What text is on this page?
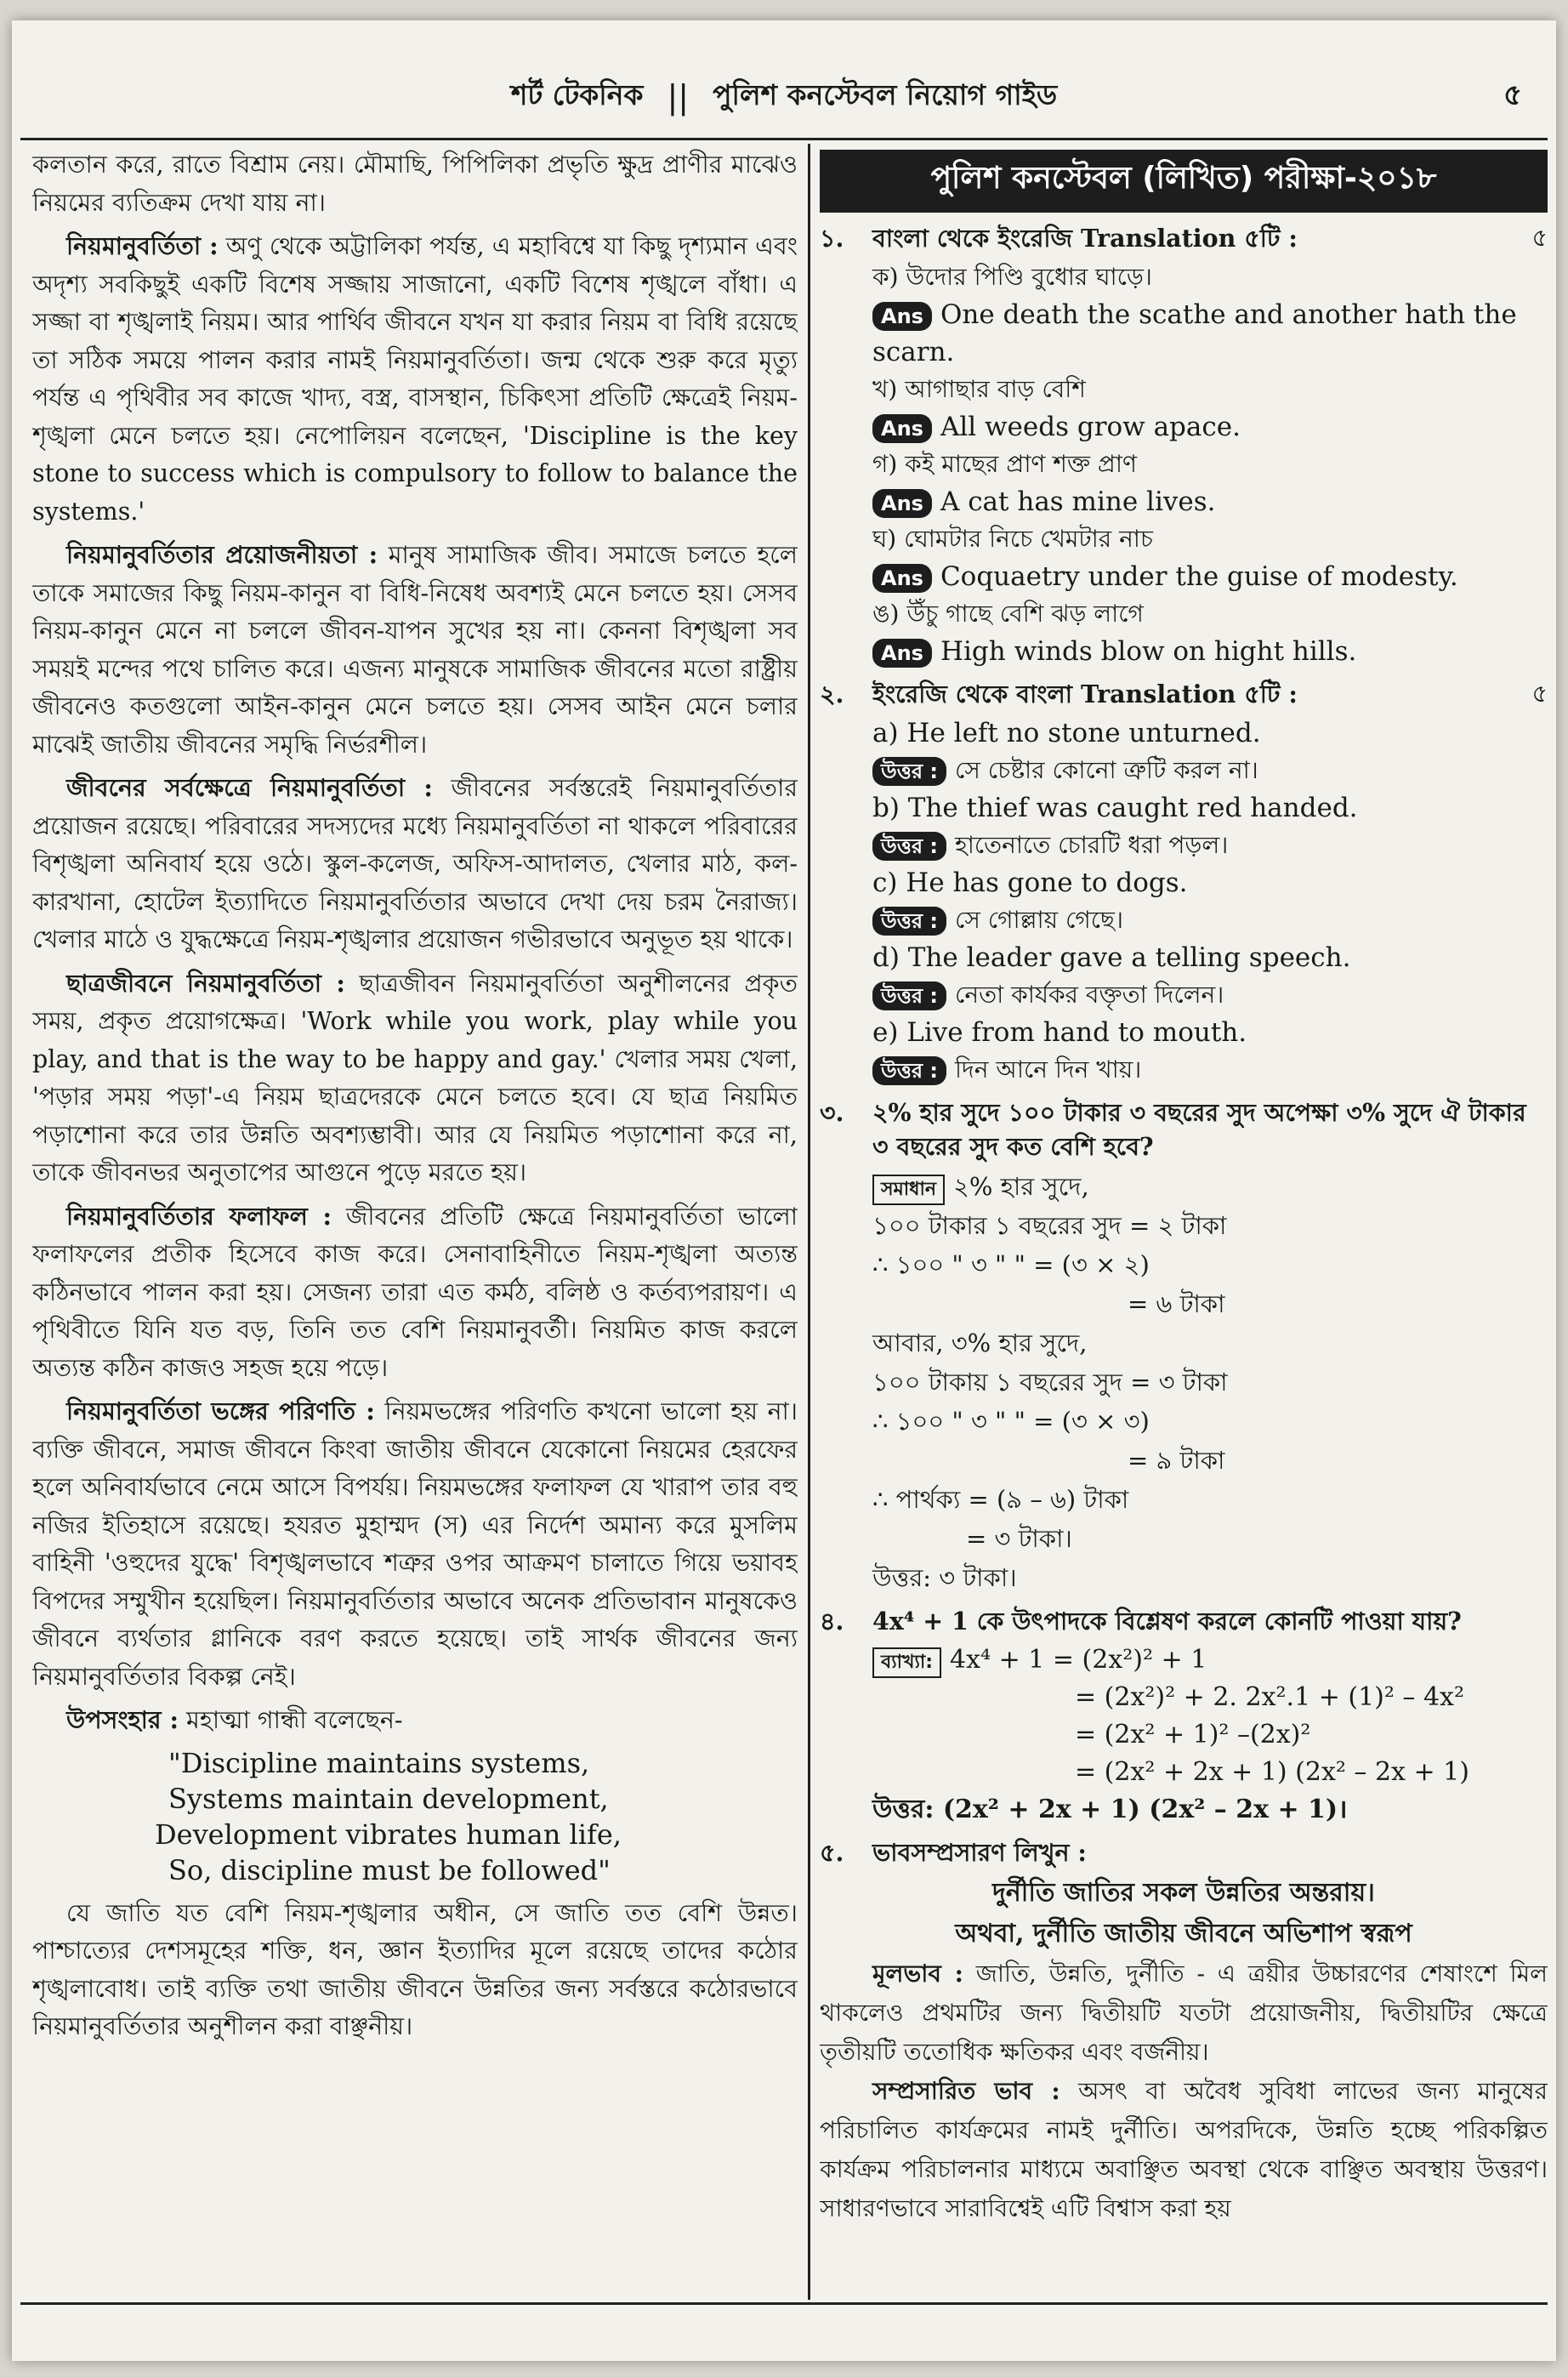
শর্ট টেকনিক || পুলিশ কনস্টেবল নিয়োগ গাইড	৫

কলতান করে, রাতে বিশ্রাম নেয়। মৌমাছি, পিপিলিকা প্রভৃতি ক্ষুদ্র প্রাণীর মাঝেও নিয়মের ব্যতিক্রম দেখা যায় না।

নিয়মানুবর্তিতা : অণু থেকে অট্টালিকা পর্যন্ত, এ মহাবিশ্বে যা কিছু দৃশ্যমান এবং অদৃশ্য সবকিছুই একটি বিশেষ সজ্জায় সাজানো, একটি বিশেষ শৃঙ্খলে বাঁধা। এ সজ্জা বা শৃঙ্খলাই নিয়ম। আর পার্থিব জীবনে যখন যা করার নিয়ম বা বিধি রয়েছে তা সঠিক সময়ে পালন করার নামই নিয়মানুবর্তিতা। জন্ম থেকে শুরু করে মৃত্যু পর্যন্ত এ পৃথিবীর সব কাজে খাদ্য, বস্ত্র, বাসস্থান, চিকিৎসা প্রতিটি ক্ষেত্রেই নিয়ম-শৃঙ্খলা মেনে চলতে হয়। নেপোলিয়ন বলেছেন, 'Discipline is the key stone to success which is compulsory to follow to balance the systems.'

নিয়মানুবর্তিতার প্রয়োজনীয়তা : মানুষ সামাজিক জীব। সমাজে চলতে হলে তাকে সমাজের কিছু নিয়ম-কানুন বা বিধি-নিষেধ অবশ্যই মেনে চলতে হয়। সেসব নিয়ম-কানুন মেনে না চললে জীবন-যাপন সুখের হয় না। কেননা বিশৃঙ্খলা সব সময়ই মন্দের পথে চালিত করে। এজন্য মানুষকে সামাজিক জীবনের মতো রাষ্ট্রীয় জীবনেও কতগুলো আইন-কানুন মেনে চলতে হয়। সেসব আইন মেনে চলার মাঝেই জাতীয় জীবনের সমৃদ্ধি নির্ভরশীল।

জীবনের সর্বক্ষেত্রে নিয়মানুবর্তিতা : জীবনের সর্বস্তরেই নিয়মানুবর্তিতার প্রয়োজন রয়েছে। পরিবারের সদস্যদের মধ্যে নিয়মানুবর্তিতা না থাকলে পরিবারের বিশৃঙ্খলা অনিবার্য হয়ে ওঠে। স্কুল-কলেজ, অফিস-আদালত, খেলার মাঠ, কল-কারখানা, হোটেল ইত্যাদিতে নিয়মানুবর্তিতার অভাবে দেখা দেয় চরম নৈরাজ্য। খেলার মাঠে ও যুদ্ধক্ষেত্রে নিয়ম-শৃঙ্খলার প্রয়োজন গভীরভাবে অনুভূত হয় থাকে।

ছাত্রজীবনে নিয়মানুবর্তিতা : ছাত্রজীবন নিয়মানুবর্তিতা অনুশীলনের প্রকৃত সময়, প্রকৃত প্রয়োগক্ষেত্র। 'Work while you work, play while you play, and that is the way to be happy and gay.' খেলার সময় খেলা, 'পড়ার সময় পড়া'-এ নিয়ম ছাত্রদেরকে মেনে চলতে হবে। যে ছাত্র নিয়মিত পড়াশোনা করে তার উন্নতি অবশ্যম্ভাবী। আর যে নিয়মিত পড়াশোনা করে না, তাকে জীবনভর অনুতাপের আগুনে পুড়ে মরতে হয়।

নিয়মানুবর্তিতার ফলাফল : জীবনের প্রতিটি ক্ষেত্রে নিয়মানুবর্তিতা ভালো ফলাফলের প্রতীক হিসেবে কাজ করে। সেনাবাহিনীতে নিয়ম-শৃঙ্খলা অত্যন্ত কঠিনভাবে পালন করা হয়। সেজন্য তারা এত কর্মঠ, বলিষ্ঠ ও কর্তব্যপরায়ণ। এ পৃথিবীতে যিনি যত বড়, তিনি তত বেশি নিয়মানুবর্তী। নিয়মিত কাজ করলে অত্যন্ত কঠিন কাজও সহজ হয়ে পড়ে।

নিয়মানুবর্তিতা ভঙ্গের পরিণতি : নিয়মভঙ্গের পরিণতি কখনো ভালো হয় না। ব্যক্তি জীবনে, সমাজ জীবনে কিংবা জাতীয় জীবনে যেকোনো নিয়মের হেরফের হলে অনিবার্যভাবে নেমে আসে বিপর্যয়। নিয়মভঙ্গের ফলাফল যে খারাপ তার বহু নজির ইতিহাসে রয়েছে। হযরত মুহাম্মদ (স) এর নির্দেশ অমান্য করে মুসলিম বাহিনী 'ওহুদের যুদ্ধে' বিশৃঙ্খলভাবে শত্রুর ওপর আক্রমণ চালাতে গিয়ে ভয়াবহ বিপদের সম্মুখীন হয়েছিল। নিয়মানুবর্তিতার অভাবে অনেক প্রতিভাবান মানুষকেও জীবনে ব্যর্থতার গ্লানিকে বরণ করতে হয়েছে। তাই সার্থক জীবনের জন্য নিয়মানুবর্তিতার বিকল্প নেই।

উপসংহার : মহাত্মা গান্ধী বলেছেন-

"Discipline maintains systems,
Systems maintain development,
Development vibrates human life,
So, discipline must be followed"

যে জাতি যত বেশি নিয়ম-শৃঙ্খলার অধীন, সে জাতি তত বেশি উন্নত। পাশ্চাত্যের দেশসমূহের শক্তি, ধন, জ্ঞান ইত্যাদির মূলে রয়েছে তাদের কঠোর শৃঙ্খলাবোধ। তাই ব্যক্তি তথা জাতীয় জীবনে উন্নতির জন্য সর্বস্তরে কঠোরভাবে নিয়মানুবর্তিতার অনুশীলন করা বাঞ্ছনীয়।

পুলিশ কনস্টেবল (লিখিত) পরীক্ষা-২০১৮
১.	বাংলা থেকে ইংরেজি Translation ৫টি :	৫
ক) উদোর পিণ্ডি বুধোর ঘাড়ে।
Ans One death the scathe and another hath the scarn.
খ) আগাছার বাড় বেশি
Ans All weeds grow apace.
গ) কই মাছের প্রাণ শক্ত প্রাণ
Ans A cat has mine lives.
ঘ) ঘোমটার নিচে খেমটার নাচ
Ans Coquaetry under the guise of modesty.
ঙ) উঁচু গাছে বেশি ঝড় লাগে
Ans High winds blow on hight hills.
২.	ইংরেজি থেকে বাংলা Translation ৫টি :	৫
a) He left no stone unturned.
উত্তর : সে চেষ্টার কোনো ত্রুটি করল না।
b) The thief was caught red handed.
উত্তর : হাতেনাতে চোরটি ধরা পড়ল।
c) He has gone to dogs.
উত্তর : সে গোল্লায় গেছে।
d) The leader gave a telling speech.
উত্তর : নেতা কার্যকর বক্তৃতা দিলেন।
e) Live from hand to mouth.
উত্তর : দিন আনে দিন খায়।
৩.	২% হার সুদে ১০০ টাকার ৩ বছরের সুদ অপেক্ষা ৩% সুদে ঐ টাকার ৩ বছরের সুদ কত বেশি হবে?
সমাধান ২% হার সুদে,
১০০ টাকার ১ বছরের সুদ = ২ টাকা
∴ ১০০ " ৩ " " = (৩ × ২)
= ৬ টাকা
আবার, ৩% হার সুদে,
১০০ টাকায় ১ বছরের সুদ = ৩ টাকা
∴ ১০০ " ৩ " " = (৩ × ৩)
= ৯ টাকা
∴ পার্থক্য = (৯ – ৬) টাকা
= ৩ টাকা।
উত্তর: ৩ টাকা।
৪.	4x⁴ + 1 কে উৎপাদকে বিশ্লেষণ করলে কোনটি পাওয়া যায়?
ব্যাখ্যা: 4x⁴ + 1 = (2x²)² + 1
= (2x²)² + 2. 2x².1 + (1)² – 4x²
= (2x² + 1)² –(2x)²
= (2x² + 2x + 1) (2x² – 2x + 1)
উত্তর: (2x² + 2x + 1) (2x² – 2x + 1)।
৫.	ভাবসম্প্রসারণ লিখুন :
দুর্নীতি জাতির সকল উন্নতির অন্তরায়।
অথবা, দুর্নীতি জাতীয় জীবনে অভিশাপ স্বরূপ

মূলভাব : জাতি, উন্নতি, দুর্নীতি - এ ত্রয়ীর উচ্চারণের শেষাংশে মিল থাকলেও প্রথমটির জন্য দ্বিতীয়টি যতটা প্রয়োজনীয়, দ্বিতীয়টির ক্ষেত্রে তৃতীয়টি ততোধিক ক্ষতিকর এবং বর্জনীয়।

সম্প্রসারিত ভাব : অসৎ বা অবৈধ সুবিধা লাভের জন্য মানুষের পরিচালিত কার্যক্রমের নামই দুর্নীতি। অপরদিকে, উন্নতি হচ্ছে পরিকল্পিত কার্যক্রম পরিচালনার মাধ্যমে অবাঞ্ছিত অবস্থা থেকে বাঞ্ছিত অবস্থায় উত্তরণ। সাধারণভাবে সারাবিশ্বেই এটি বিশ্বাস করা হয়
